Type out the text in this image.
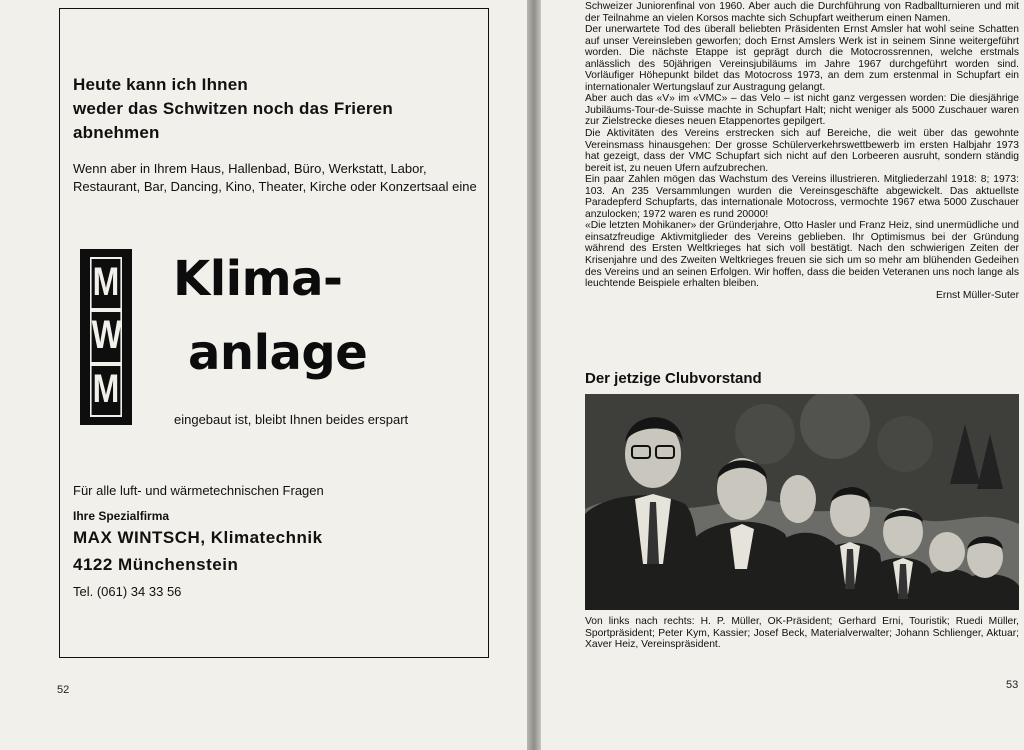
Heute kann ich Ihnen
weder das Schwitzen noch das Frieren
abnehmen
Wenn aber in Ihrem Haus, Hallenbad, Büro, Werkstatt, Labor, Restaurant, Bar, Dancing, Kino, Theater, Kirche oder Konzertsaal eine
M
W
M
Klima-
anlage
eingebaut ist, bleibt Ihnen beides erspart
Für alle luft- und wärmetechnischen Fragen
Ihre Spezialfirma
MAX WINTSCH, Klimatechnik
4122 Münchenstein
Tel. (061) 34 33 56
52

Schweizer Juniorenfinal von 1960. Aber auch die Durchführung von Radballturnieren und mit der Teilnahme an vielen Korsos machte sich Schupfart weitherum einen Namen.

Der unerwartete Tod des überall beliebten Präsidenten Ernst Amsler hat wohl seine Schatten auf unser Vereinsleben geworfen; doch Ernst Amslers Werk ist in seinem Sinne weitergeführt worden. Die nächste Etappe ist geprägt durch die Motocrossrennen, welche erstmals anlässlich des 50jährigen Vereinsjubiläums im Jahre 1967 durchgeführt worden sind. Vorläufiger Höhepunkt bildet das Motocross 1973, an dem zum erstenmal in Schupfart ein internationaler Wertungslauf zur Austragung gelangt.

Aber auch das «V» im «VMC» – das Velo – ist nicht ganz vergessen worden: Die diesjährige Jubiläums-Tour-de-Suisse machte in Schupfart Halt; nicht weniger als 5000 Zuschauer waren zur Zielstrecke dieses neuen Etappenortes gepilgert.

Die Aktivitäten des Vereins erstrecken sich auf Bereiche, die weit über das gewohnte Vereinsmass hinausgehen: Der grosse Schülerverkehrswettbewerb im ersten Halbjahr 1973 hat gezeigt, dass der VMC Schupfart sich nicht auf den Lorbeeren ausruht, sondern ständig bereit ist, zu neuen Ufern aufzubrechen.

Ein paar Zahlen mögen das Wachstum des Vereins illustrieren. Mitgliederzahl 1918: 8; 1973: 103. An 235 Versammlungen wurden die Vereinsgeschäfte abgewickelt. Das aktuellste Paradepferd Schupfarts, das internationale Motocross, vermochte 1967 etwa 5000 Zuschauer anzulocken; 1972 waren es rund 20000!

«Die letzten Mohikaner» der Gründerjahre, Otto Hasler und Franz Heiz, sind unermüdliche und einsatzfreudige Aktivmitglieder des Vereins geblieben. Ihr Optimismus bei der Gründung während des Ersten Weltkrieges hat sich voll bestätigt. Nach den schwierigen Zeiten der Krisenjahre und des Zweiten Weltkrieges freuen sie sich um so mehr am blühenden Gedeihen des Vereins und an seinen Erfolgen. Wir hoffen, dass die beiden Veteranen uns noch lange als leuchtende Beispiele erhalten bleiben.

Ernst Müller-Suter

Der jetzige Clubvorstand
Von links nach rechts: H. P. Müller, OK-Präsident; Gerhard Erni, Touristik; Ruedi Müller, Sportpräsident; Peter Kym, Kassier; Josef Beck, Materialverwalter; Johann Schlienger, Aktuar; Xaver Heiz, Vereinspräsident.
53
